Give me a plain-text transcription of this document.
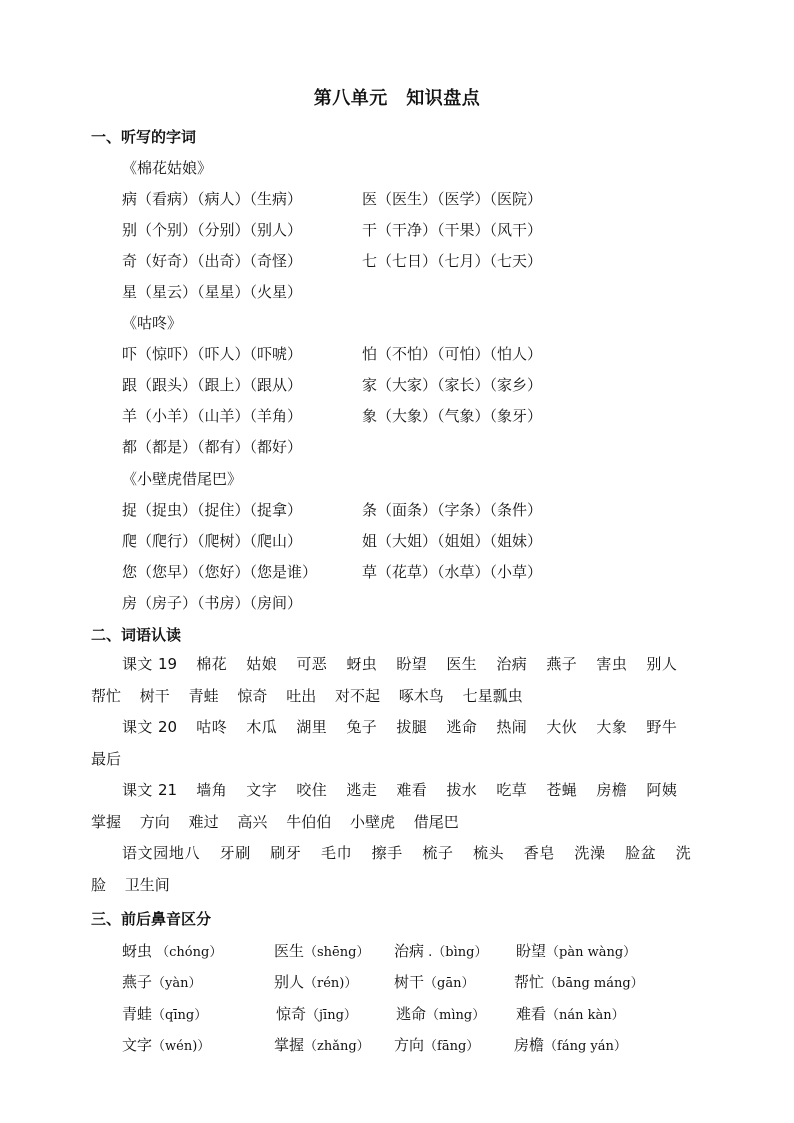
第八单元　知识盘点
一、听写的字词
《棉花姑娘》
病（看病）（病人）（生病）	医（医生）（医学）（医院）
别（个别）（分别）（别人）	干（干净）（干果）（风干）
奇（好奇）（出奇）（奇怪）	七（七日）（七月）（七天）
星（星云）（星星）（火星）
《咕咚》
吓（惊吓）（吓人）（吓唬）	怕（不怕）（可怕）（怕人）
跟（跟头）（跟上）（跟从）	家（大家）（家长）（家乡）
羊（小羊）（山羊）（羊角）	象（大象）（气象）（象牙）
都（都是）（都有）（都好）
《小壁虎借尾巴》
捉（捉虫）（捉住）（捉拿）	条（面条）（字条）（条件）
爬（爬行）（爬树）（爬山）	姐（大姐）（姐姐）（姐妹）
您（您早）（您好）（您是谁）	草（花草）（水草）（小草）
房（房子）（书房）（房间）
二、词语认读
课文 19 棉花 姑娘 可恶 蚜虫 盼望 医生 治病 燕子 害虫 别人 帮忙 树干 青蛙 惊奇 吐出 对不起 啄木鸟 七星瓢虫
课文 20 咕咚 木瓜 湖里 兔子 拔腿 逃命 热闹 大伙 大象 野牛 最后
课文 21 墙角 文字 咬住 逃走 难看 拔水 吃草 苍蝇 房檐 阿姨 掌握 方向 难过 高兴 牛伯伯 小壁虎 借尾巴
语文园地八 牙刷 刷牙 毛巾 擦手 梳子 梳头 香皂 洗澡 脸盆 洗脸 卫生间
三、前后鼻音区分
蚜虫 （chóng）	医生（shēng） 治病 .（bìng） 盼望（pàn wàng）
燕子（yàn）	别人（rén)） 树干（gān）	帮忙（bāng máng）
青蛙（qīng）	惊奇（jīng）	逃命（mìng） 难看（nán kàn）
文字（wén)）	掌握（zhǎng） 方向（fāng） 房檐（fáng yán）
